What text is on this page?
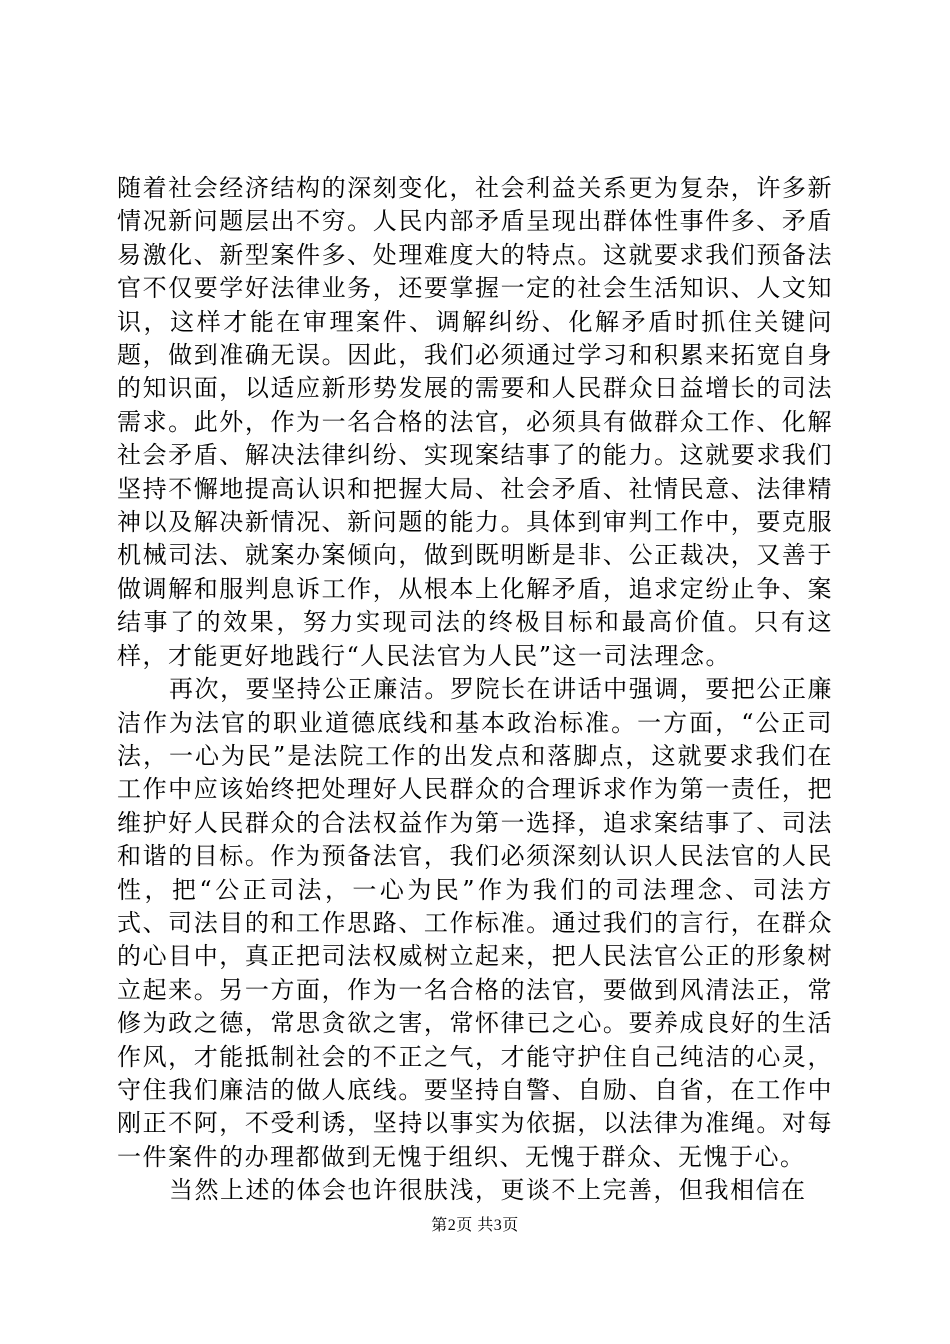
随着社会经济结构的深刻变化，社会利益关系更为复杂，许多新情况新问题层出不穷。人民内部矛盾呈现出群体性事件多、矛盾易激化、新型案件多、处理难度大的特点。这就要求我们预备法官不仅要学好法律业务，还要掌握一定的社会生活知识、人文知识，这样才能在审理案件、调解纠纷、化解矛盾时抓住关键问题，做到准确无误。因此，我们必须通过学习和积累来拓宽自身的知识面，以适应新形势发展的需要和人民群众日益增长的司法需求。此外，作为一名合格的法官，必须具有做群众工作、化解社会矛盾、解决法律纠纷、实现案结事了的能力。这就要求我们坚持不懈地提高认识和把握大局、社会矛盾、社情民意、法律精神以及解决新情况、新问题的能力。具体到审判工作中，要克服机械司法、就案办案倾向，做到既明断是非、公正裁决，又善于做调解和服判息诉工作，从根本上化解矛盾，追求定纷止争、案结事了的效果，努力实现司法的终极目标和最高价值。只有这样，才能更好地践行“人民法官为人民”这一司法理念。

再次，要坚持公正廉洁。罗院长在讲话中强调，要把公正廉洁作为法官的职业道德底线和基本政治标准。一方面，“公正司法，一心为民”是法院工作的出发点和落脚点，这就要求我们在工作中应该始终把处理好人民群众的合理诉求作为第一责任，把维护好人民群众的合法权益作为第一选择，追求案结事了、司法和谐的目标。作为预备法官，我们必须深刻认识人民法官的人民性，把“公正司法，一心为民”作为我们的司法理念、司法方式、司法目的和工作思路、工作标准。通过我们的言行，在群众的心目中，真正把司法权威树立起来，把人民法官公正的形象树立起来。另一方面，作为一名合格的法官，要做到风清法正，常修为政之德，常思贪欲之害，常怀律已之心。要养成良好的生活作风，才能抵制社会的不正之气，才能守护住自己纯洁的心灵，守住我们廉洁的做人底线。要坚持自警、自励、自省，在工作中刚正不阿，不受利诱，坚持以事实为依据，以法律为准绳。对每一件案件的办理都做到无愧于组织、无愧于群众、无愧于心。

当然上述的体会也许很肤浅，更谈不上完善，但我相信在

第2页 共3页
